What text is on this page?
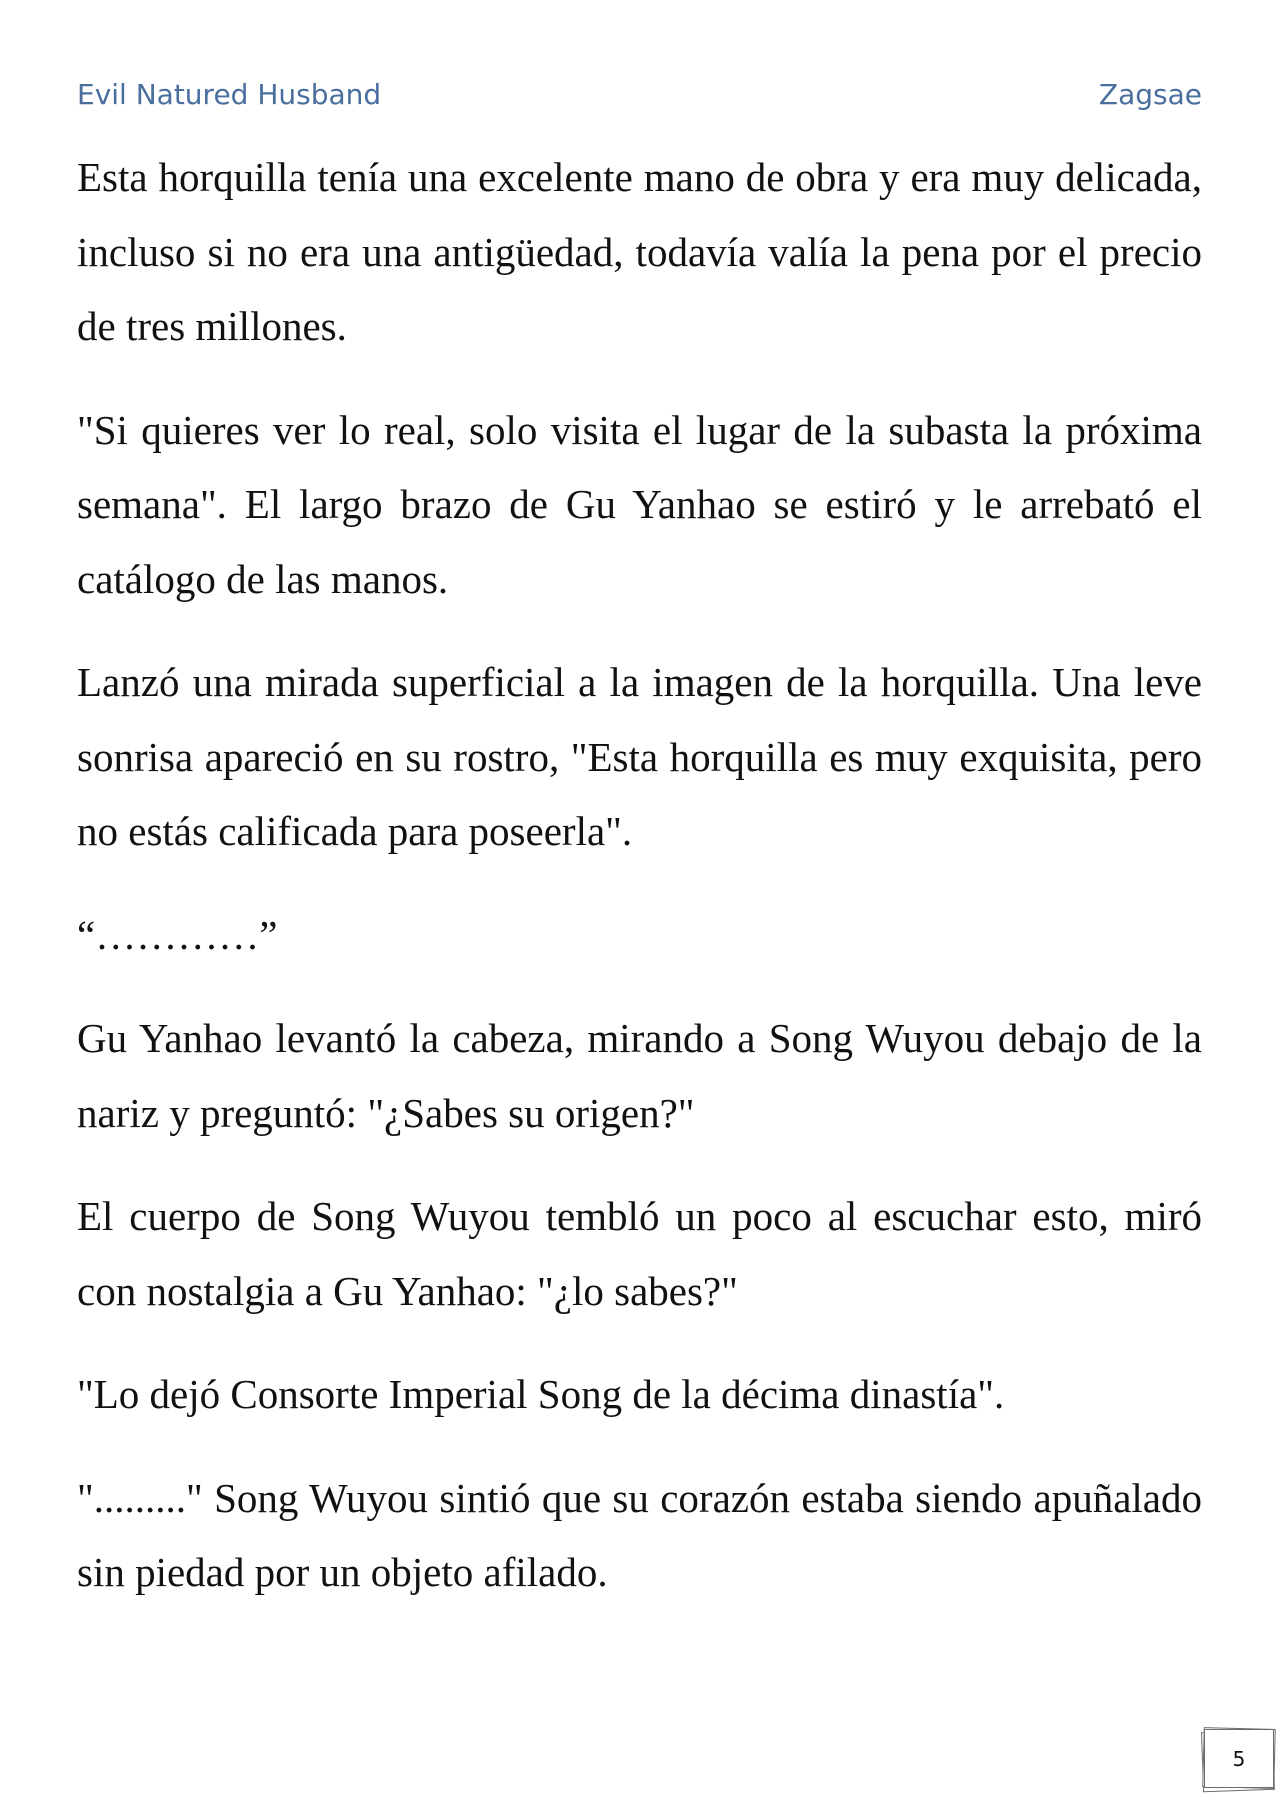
Evil Natured Husband	Zagsae

Esta horquilla tenía una excelente mano de obra y era muy delicada, incluso si no era una antigüedad, todavía valía la pena por el precio de tres millones.

"Si quieres ver lo real, solo visita el lugar de la subasta la próxima semana". El largo brazo de Gu Yanhao se estiró y le arrebató el catálogo de las manos.

Lanzó una mirada superficial a la imagen de la horquilla. Una leve sonrisa apareció en su rostro, "Esta horquilla es muy exquisita, pero no estás calificada para poseerla".

“…………”

Gu Yanhao levantó la cabeza, mirando a Song Wuyou debajo de la nariz y preguntó: "¿Sabes su origen?"

El cuerpo de Song Wuyou tembló un poco al escuchar esto, miró con nostalgia a Gu Yanhao: "¿lo sabes?"

"Lo dejó Consorte Imperial Song de la décima dinastía".

"........." Song Wuyou sintió que su corazón estaba siendo apuñalado sin piedad por un objeto afilado.

5
